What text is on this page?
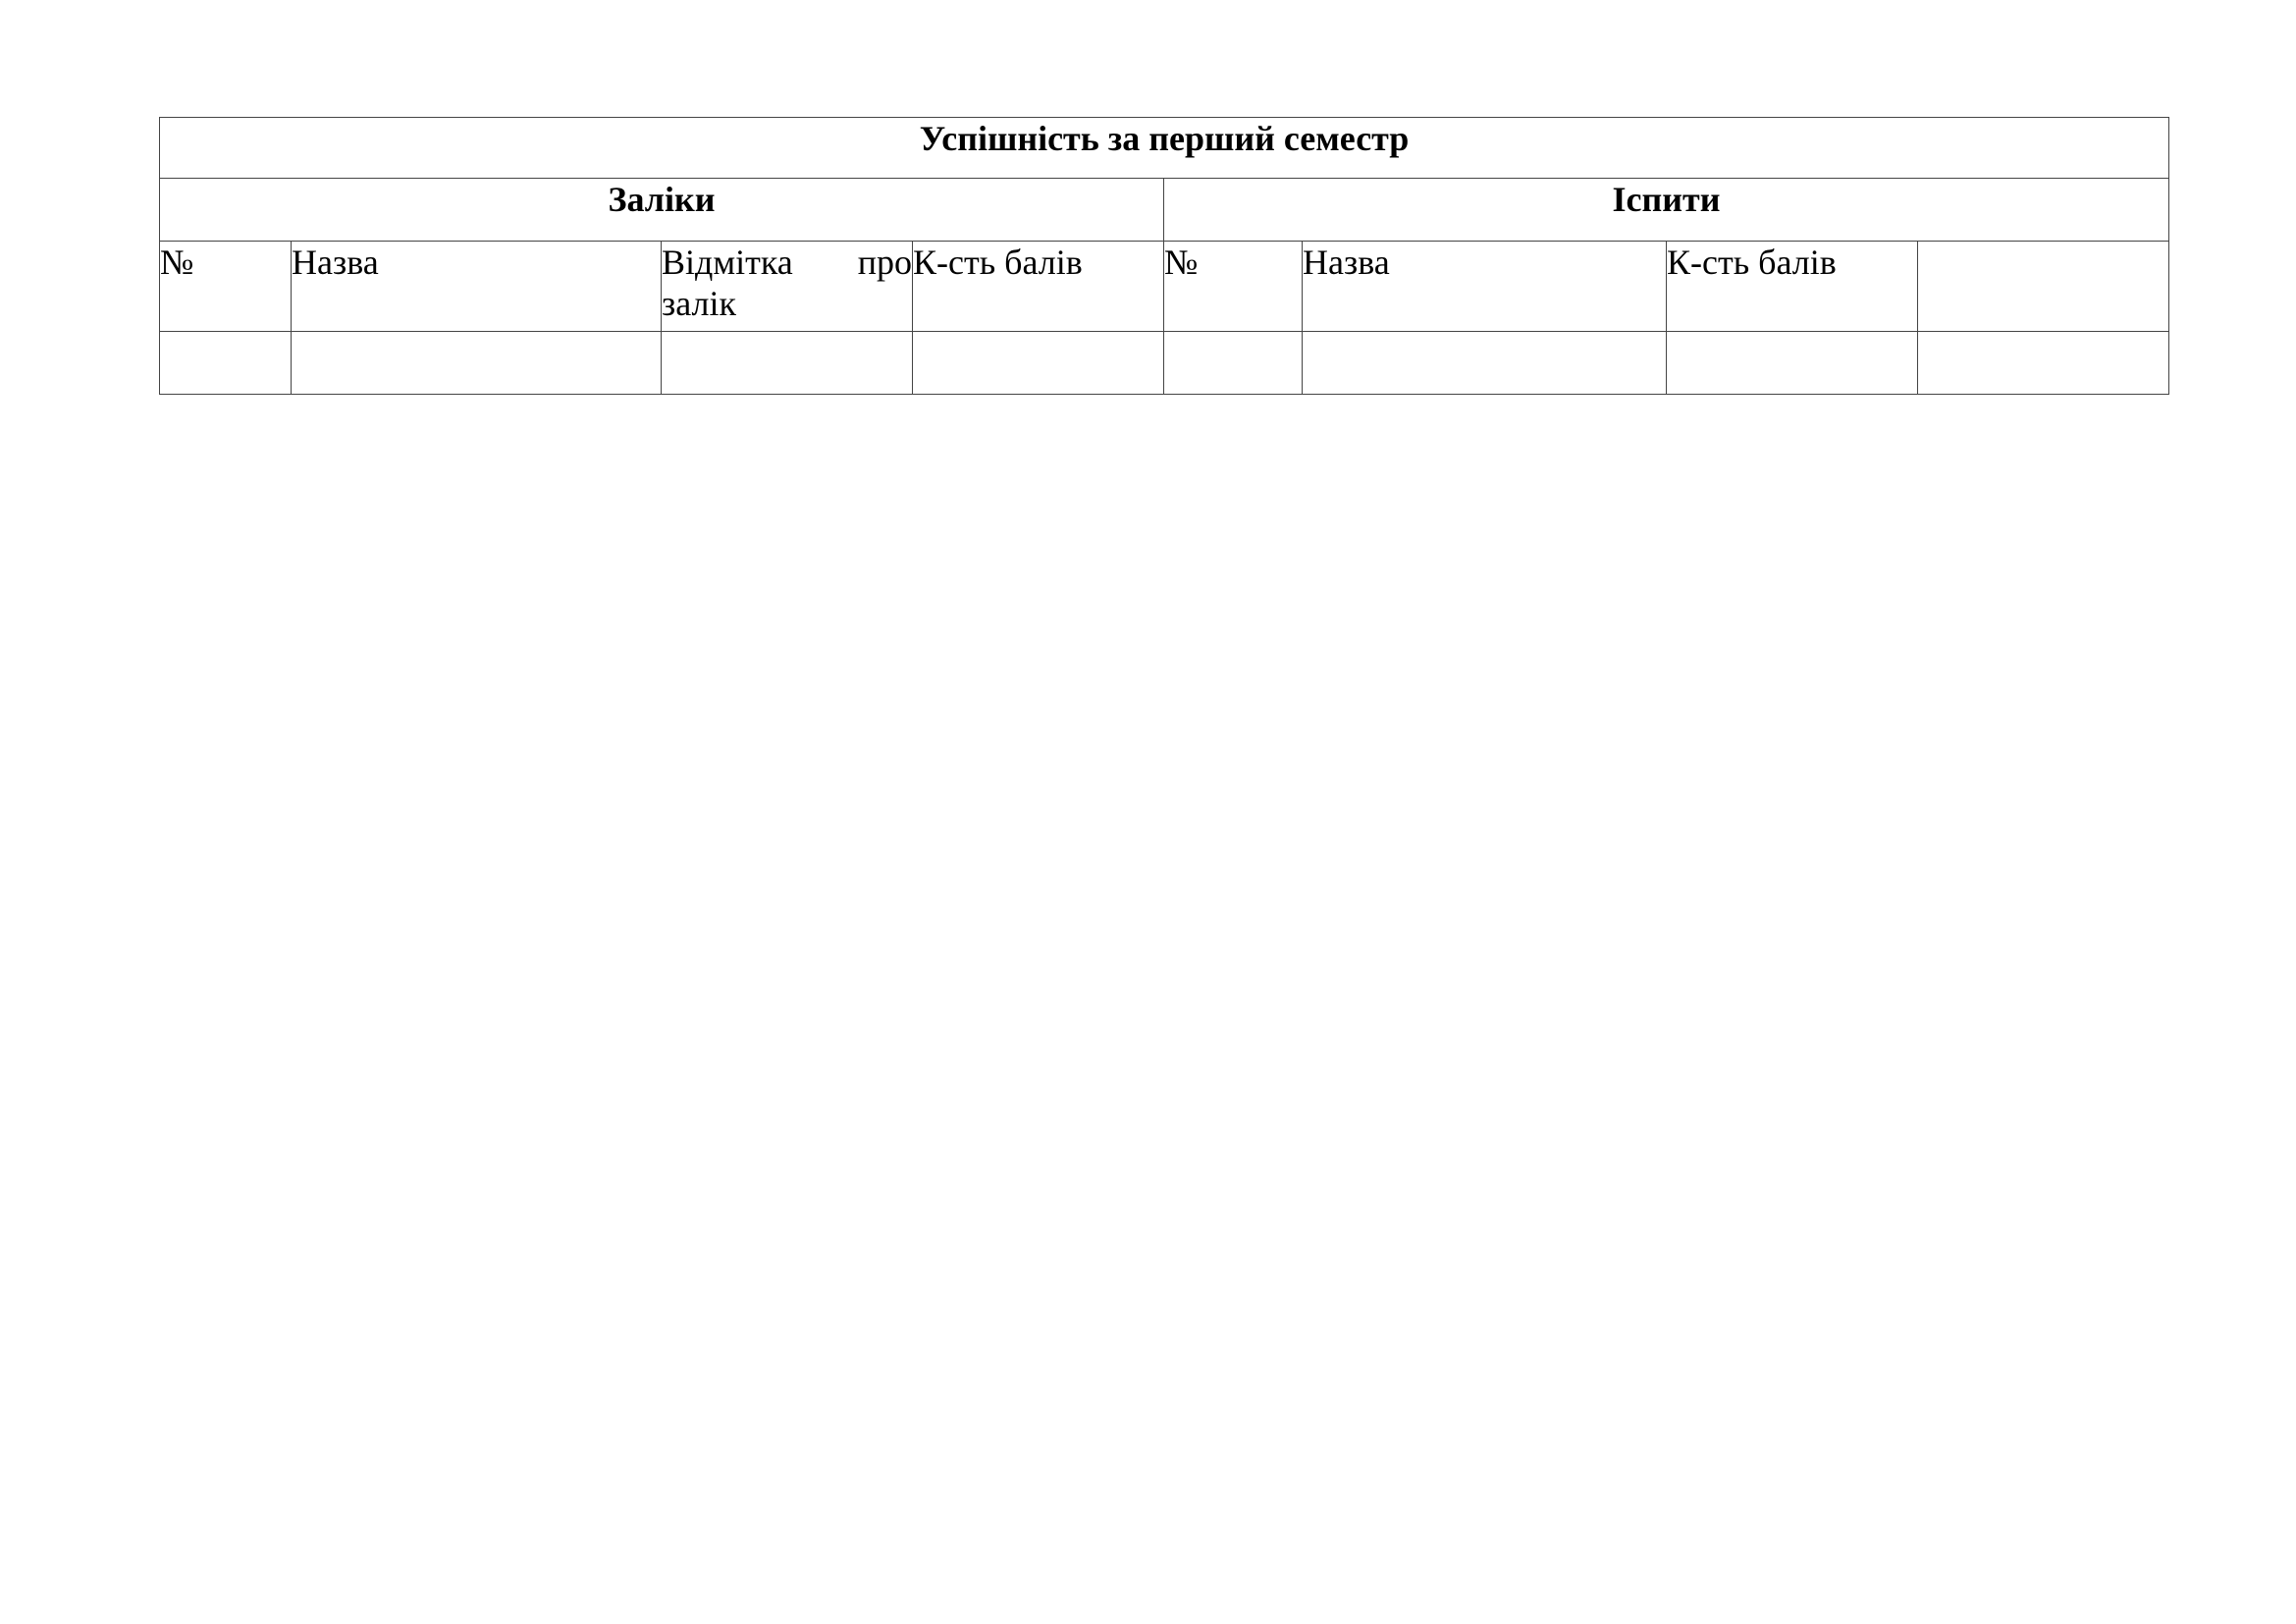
Успішність за перший семестр							
Заліки				Іспити			
№	Назва	Відмітка про залік	К-сть балів	№	Назва	К-сть балів	
